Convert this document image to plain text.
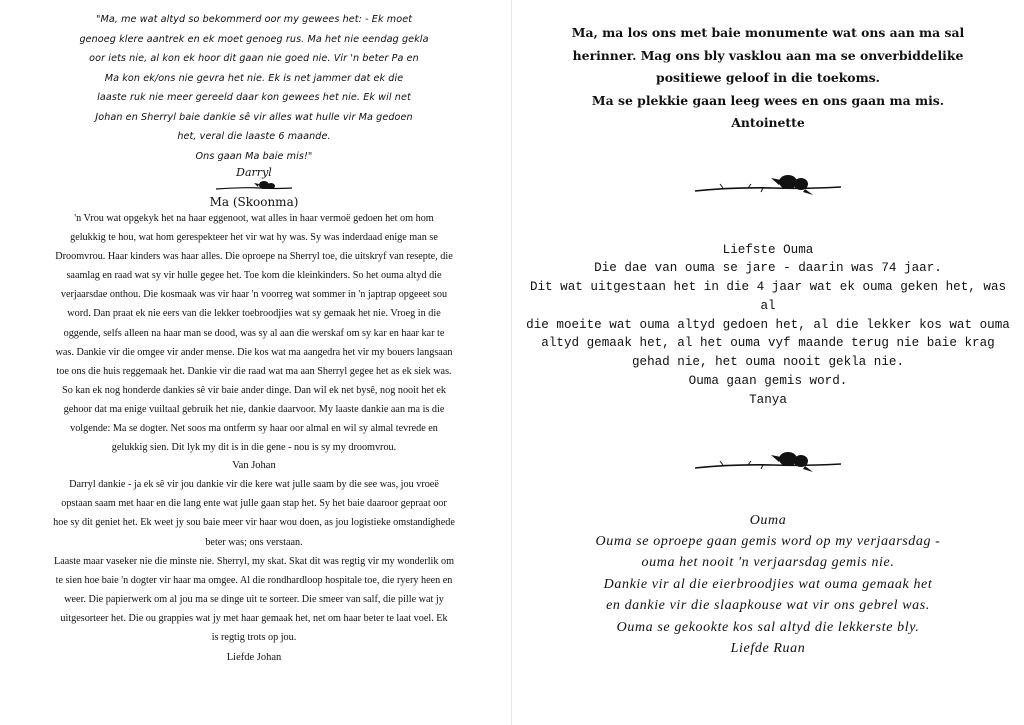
"Ma, me wat altyd so bekommerd oor my gewees het: - Ek moet
genoeg klere aantrek en ek moet genoeg rus. Ma het nie eendag gekla
oor iets nie, al kon ek hoor dit gaan nie goed nie. Vir 'n beter Pa en
Ma kon ek/ons nie gevra het nie. Ek is net jammer dat ek die
laaste ruk nie meer gereeld daar kon gewees het nie. Ek wil net
Johan en Sherryl baie dankie sê vir alles wat hulle vir Ma gedoen
het, veral die laaste 6 maande.
Ons gaan Ma baie mis!"
Darryl
Ma (Skoonma)
'n Vrou wat opgekyk het na haar eggenoot, wat alles in haar vermoë gedoen het om hom
gelukkig te hou, wat hom gerespekteer het vir wat hy was. Sy was inderdaad enige man se
Droomvrou. Haar kinders was haar alles. Die oproepe na Sherryl toe, die uitskryf van resepte, die
saamlag en raad wat sy vir hulle gegee het. Toe kom die kleinkinders. So het ouma altyd die
verjaarsdae onthou. Die kosmaak was vir haar 'n voorreg wat sommer in 'n japtrap opgeeet sou
word. Dan praat ek nie eers van die lekker toebroodjies wat sy gemaak het nie. Vroeg in die
oggende, selfs alleen na haar man se dood, was sy al aan die werskaf om sy kar en haar kar te
was. Dankie vir die omgee vir ander mense. Die kos wat ma aangedra het vir my bouers langsaan
toe ons die huis reggemaak het. Dankie vir die raad wat ma aan Sherryl gegee het as ek siek was.
So kan ek nog honderde dankies sê vir baie ander dinge. Dan wil ek net bysê, nog nooit het ek
gehoor dat ma enige vuiltaal gebruik het nie, dankie daarvoor. My laaste dankie aan ma is die
volgende: Ma se dogter. Net soos ma ontferm sy haar oor almal en wil sy almal tevrede en
gelukkig sien. Dit lyk my dit is in die gene - nou is sy my droomvrou.
Van Johan
Darryl dankie - ja ek sê vir jou dankie vir die kere wat julle saam by die see was, jou vroeë
opstaan saam met haar en die lang ente wat julle gaan stap het. Sy het baie daaroor gepraat oor
hoe sy dit geniet het. Ek weet jy sou baie meer vir haar wou doen, as jou logistieke omstandighede
beter was; ons verstaan.
Laaste maar vaseker nie die minste nie. Sherryl, my skat. Skat dit was regtig vir my wonderlik om
te sien hoe baie 'n dogter vir haar ma omgee. Al die rondhardloop hospitale toe, die ryery heen en
weer. Die papierwerk om al jou ma se dinge uit te sorteer. Die smeer van salf, die pille wat jy
uitgesorteer het. Die ou grappies wat jy met haar gemaak het, net om haar beter te laat voel. Ek
is regtig trots op jou.
Liefde Johan
Ma, ma los ons met baie monumente wat ons aan ma sal
herinner. Mag ons bly vasklou aan ma se onverbiddelike
positiewe geloof in die toekoms.
Ma se plekkie gaan leeg wees en ons gaan ma mis.
Antoinette
Liefste Ouma
Die dae van ouma se jare - daarin was 74 jaar.
Dit wat uitgestaan het in die 4 jaar wat ek ouma geken het, was al
die moeite wat ouma altyd gedoen het, al die lekker kos wat ouma
altyd gemaak het, al het ouma vyf maande terug nie baie krag
gehad nie, het ouma nooit gekla nie.
Ouma gaan gemis word.
Tanya
Ouma
Ouma se oproepe gaan gemis word op my verjaarsdag -
ouma het nooit 'n verjaarsdag gemis nie.
Dankie vir al die eierbroodjies wat ouma gemaak het
en dankie vir die slaapkouse wat vir ons gebrel was.
Ouma se gekookte kos sal altyd die lekkerste bly.
Liefde Ruan
